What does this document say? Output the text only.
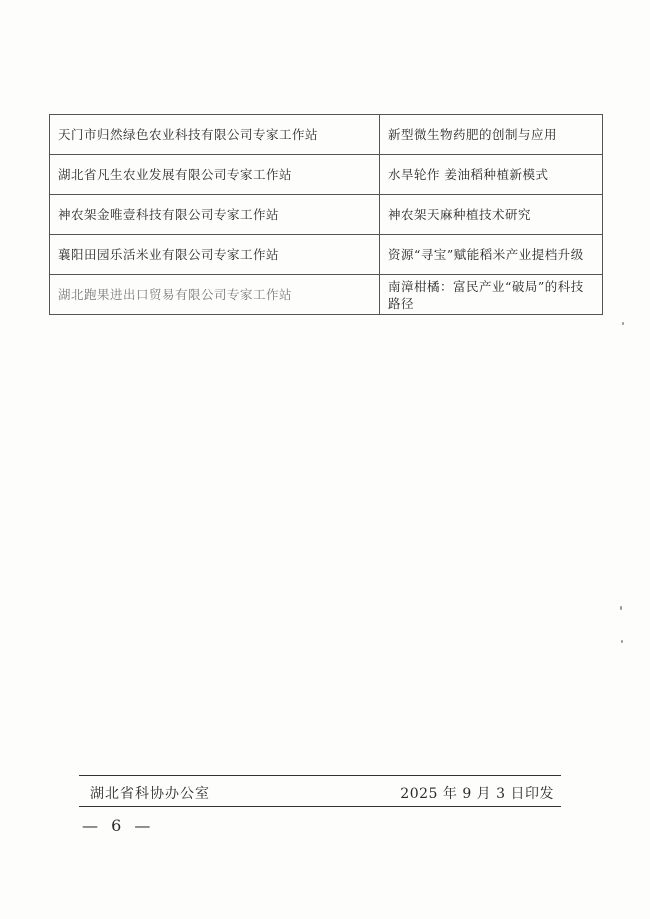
天门市归然绿色农业科技有限公司专家工作站	新型微生物药肥的创制与应用
湖北省凡生农业发展有限公司专家工作站	水旱轮作 姜油稻种植新模式
神农架金唯壹科技有限公司专家工作站	神农架天麻种植技术研究
襄阳田园乐活米业有限公司专家工作站	资源“寻宝”赋能稻米产业提档升级
湖北跑果进出口贸易有限公司专家工作站	南漳柑橘：富民产业“破局”的科技路径
湖北省科协办公室	2025 年 9 月 3 日印发
— 6 —
